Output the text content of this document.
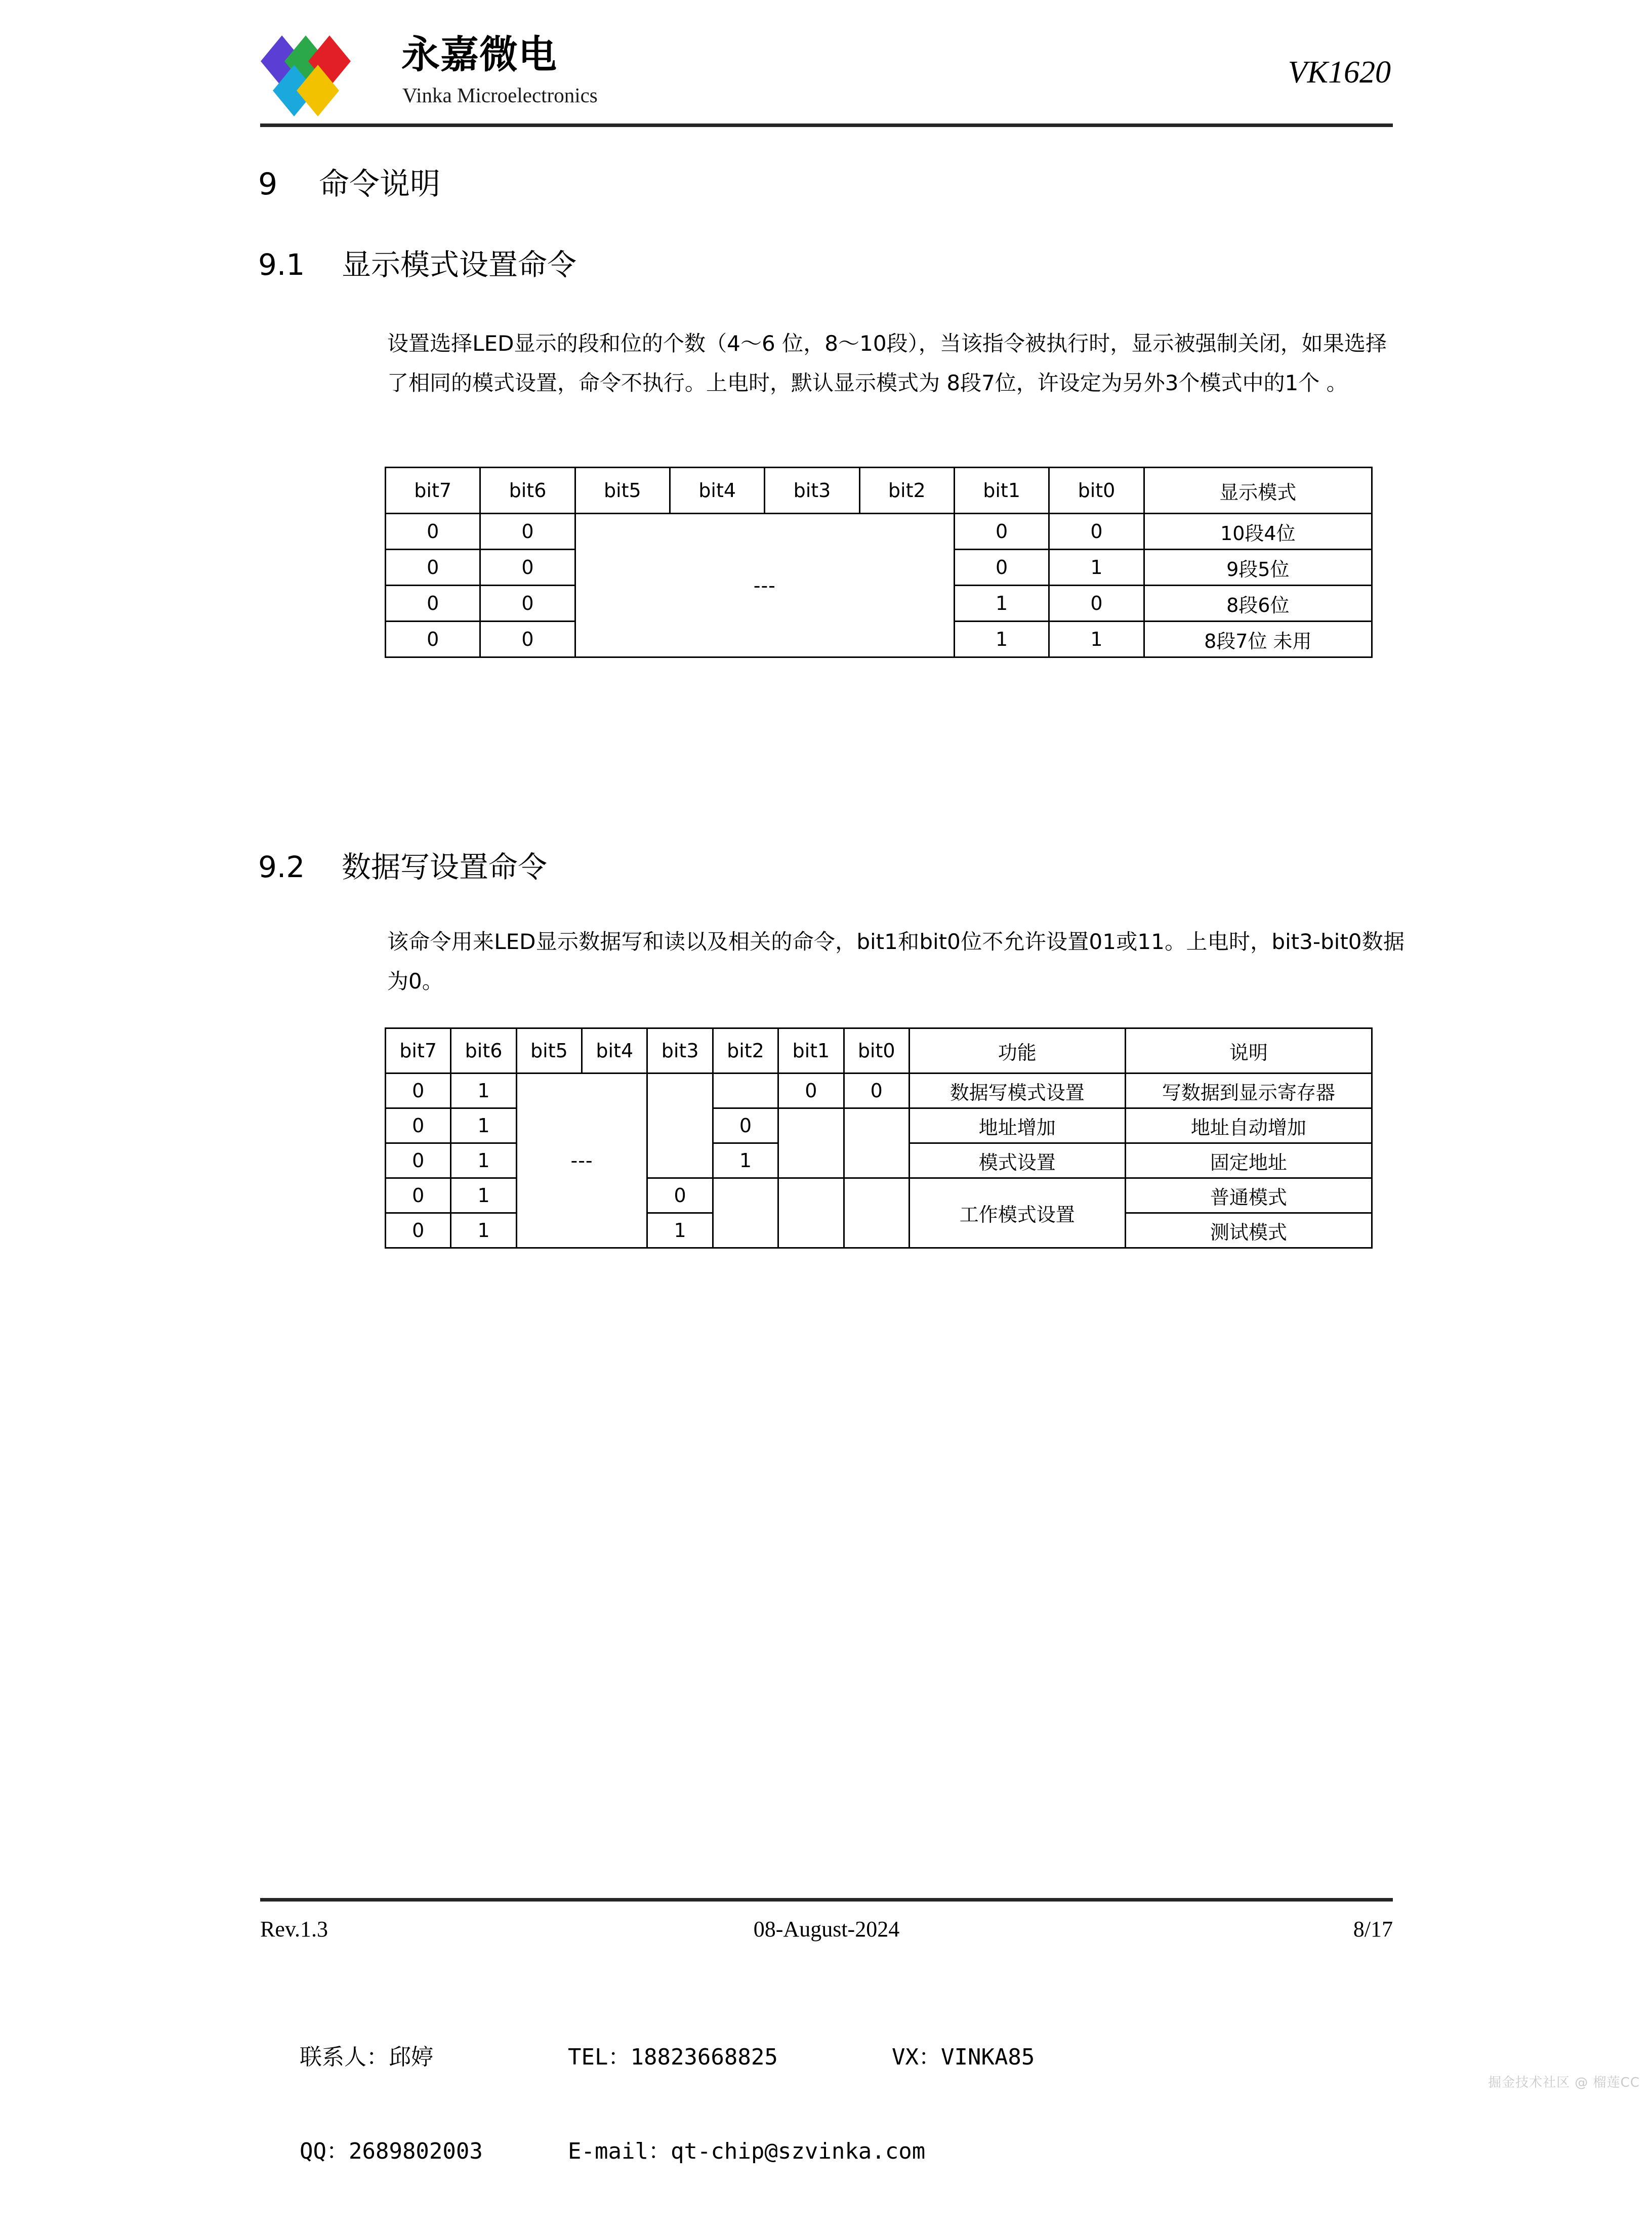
永嘉微电
Vinka Microelectronics
VK1620
9 命令说明
9.1 显示模式设置命令
设置选择LED显示的段和位的个数（4～6 位，8～10段），当该指令被执行时，显示被强制关闭，如果选择了相同的模式设置，命令不执行。上电时，默认显示模式为 8段7位，许设定为另外3个模式中的1个 。
bit7	bit6	bit5	bit4	bit3	bit2	bit1	bit0	显示模式
0	0	---				0	0	10段4位
0	0					0	1	9段5位
0	0					1	0	8段6位
0	0					1	1	8段7位 未用
9.2 数据写设置命令
该命令用来LED显示数据写和读以及相关的命令，bit1和bit0位不允许设置01或11。上电时，bit3-bit0数据为0。
bit7	bit6	bit5	bit4	bit3	bit2	bit1	bit0	功能	说明
0	1	---				0	0	数据写模式设置	写数据到显示寄存器
0	1				0			地址增加	地址自动增加
0	1				1			模式设置	固定地址
0	1			0				工作模式设置	普通模式
0	1			1					测试模式
Rev.1.3	08-August-2024	8/17

联系人：邱婷	TEL：18823668825	VX：VINKA85

QQ：2689802003	E-mail：qt-chip@szvinka.com

掘金技术社区 @ 榴莲CC
